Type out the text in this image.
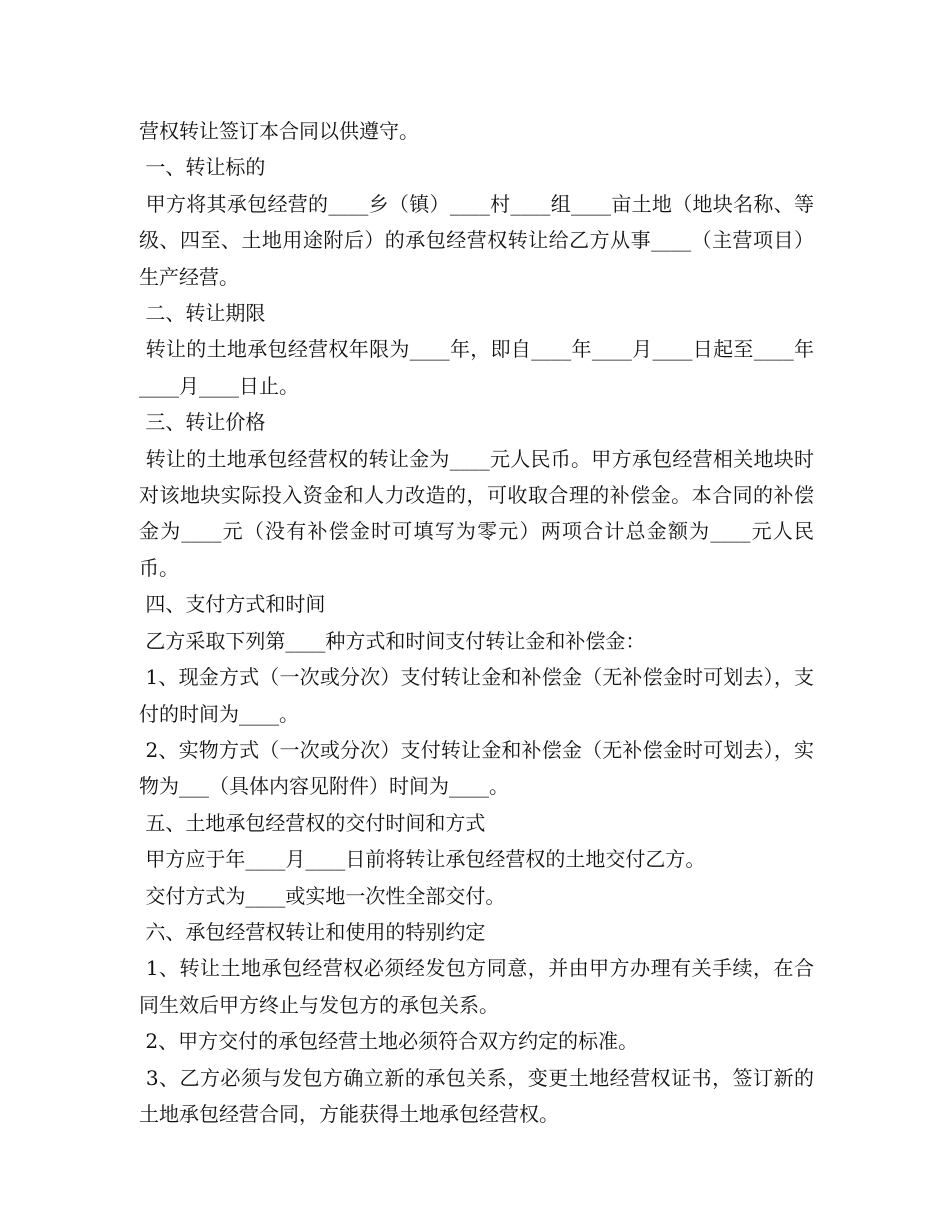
营权转让签订本合同以供遵守。

一、转让标的

甲方将其承包经营的____乡（镇）____村____组____亩土地（地块名称、等级、四至、土地用途附后）的承包经营权转让给乙方从事____（主营项目）生产经营。

二、转让期限

转让的土地承包经营权年限为____年，即自____年____月____日起至____年____月____日止。

三、转让价格

转让的土地承包经营权的转让金为____元人民币。甲方承包经营相关地块时对该地块实际投入资金和人力改造的，可收取合理的补偿金。本合同的补偿金为____元（没有补偿金时可填写为零元）两项合计总金额为____元人民币。

四、支付方式和时间

乙方采取下列第____种方式和时间支付转让金和补偿金：

1、现金方式（一次或分次）支付转让金和补偿金（无补偿金时可划去），支付的时间为____。

2、实物方式（一次或分次）支付转让金和补偿金（无补偿金时可划去），实物为___（具体内容见附件）时间为____。

五、土地承包经营权的交付时间和方式

甲方应于年____月____日前将转让承包经营权的土地交付乙方。

交付方式为____或实地一次性全部交付。

六、承包经营权转让和使用的特别约定

1、转让土地承包经营权必须经发包方同意，并由甲方办理有关手续，在合同生效后甲方终止与发包方的承包关系。

2、甲方交付的承包经营土地必须符合双方约定的标准。

3、乙方必须与发包方确立新的承包关系，变更土地经营权证书，签订新的土地承包经营合同，方能获得土地承包经营权。
